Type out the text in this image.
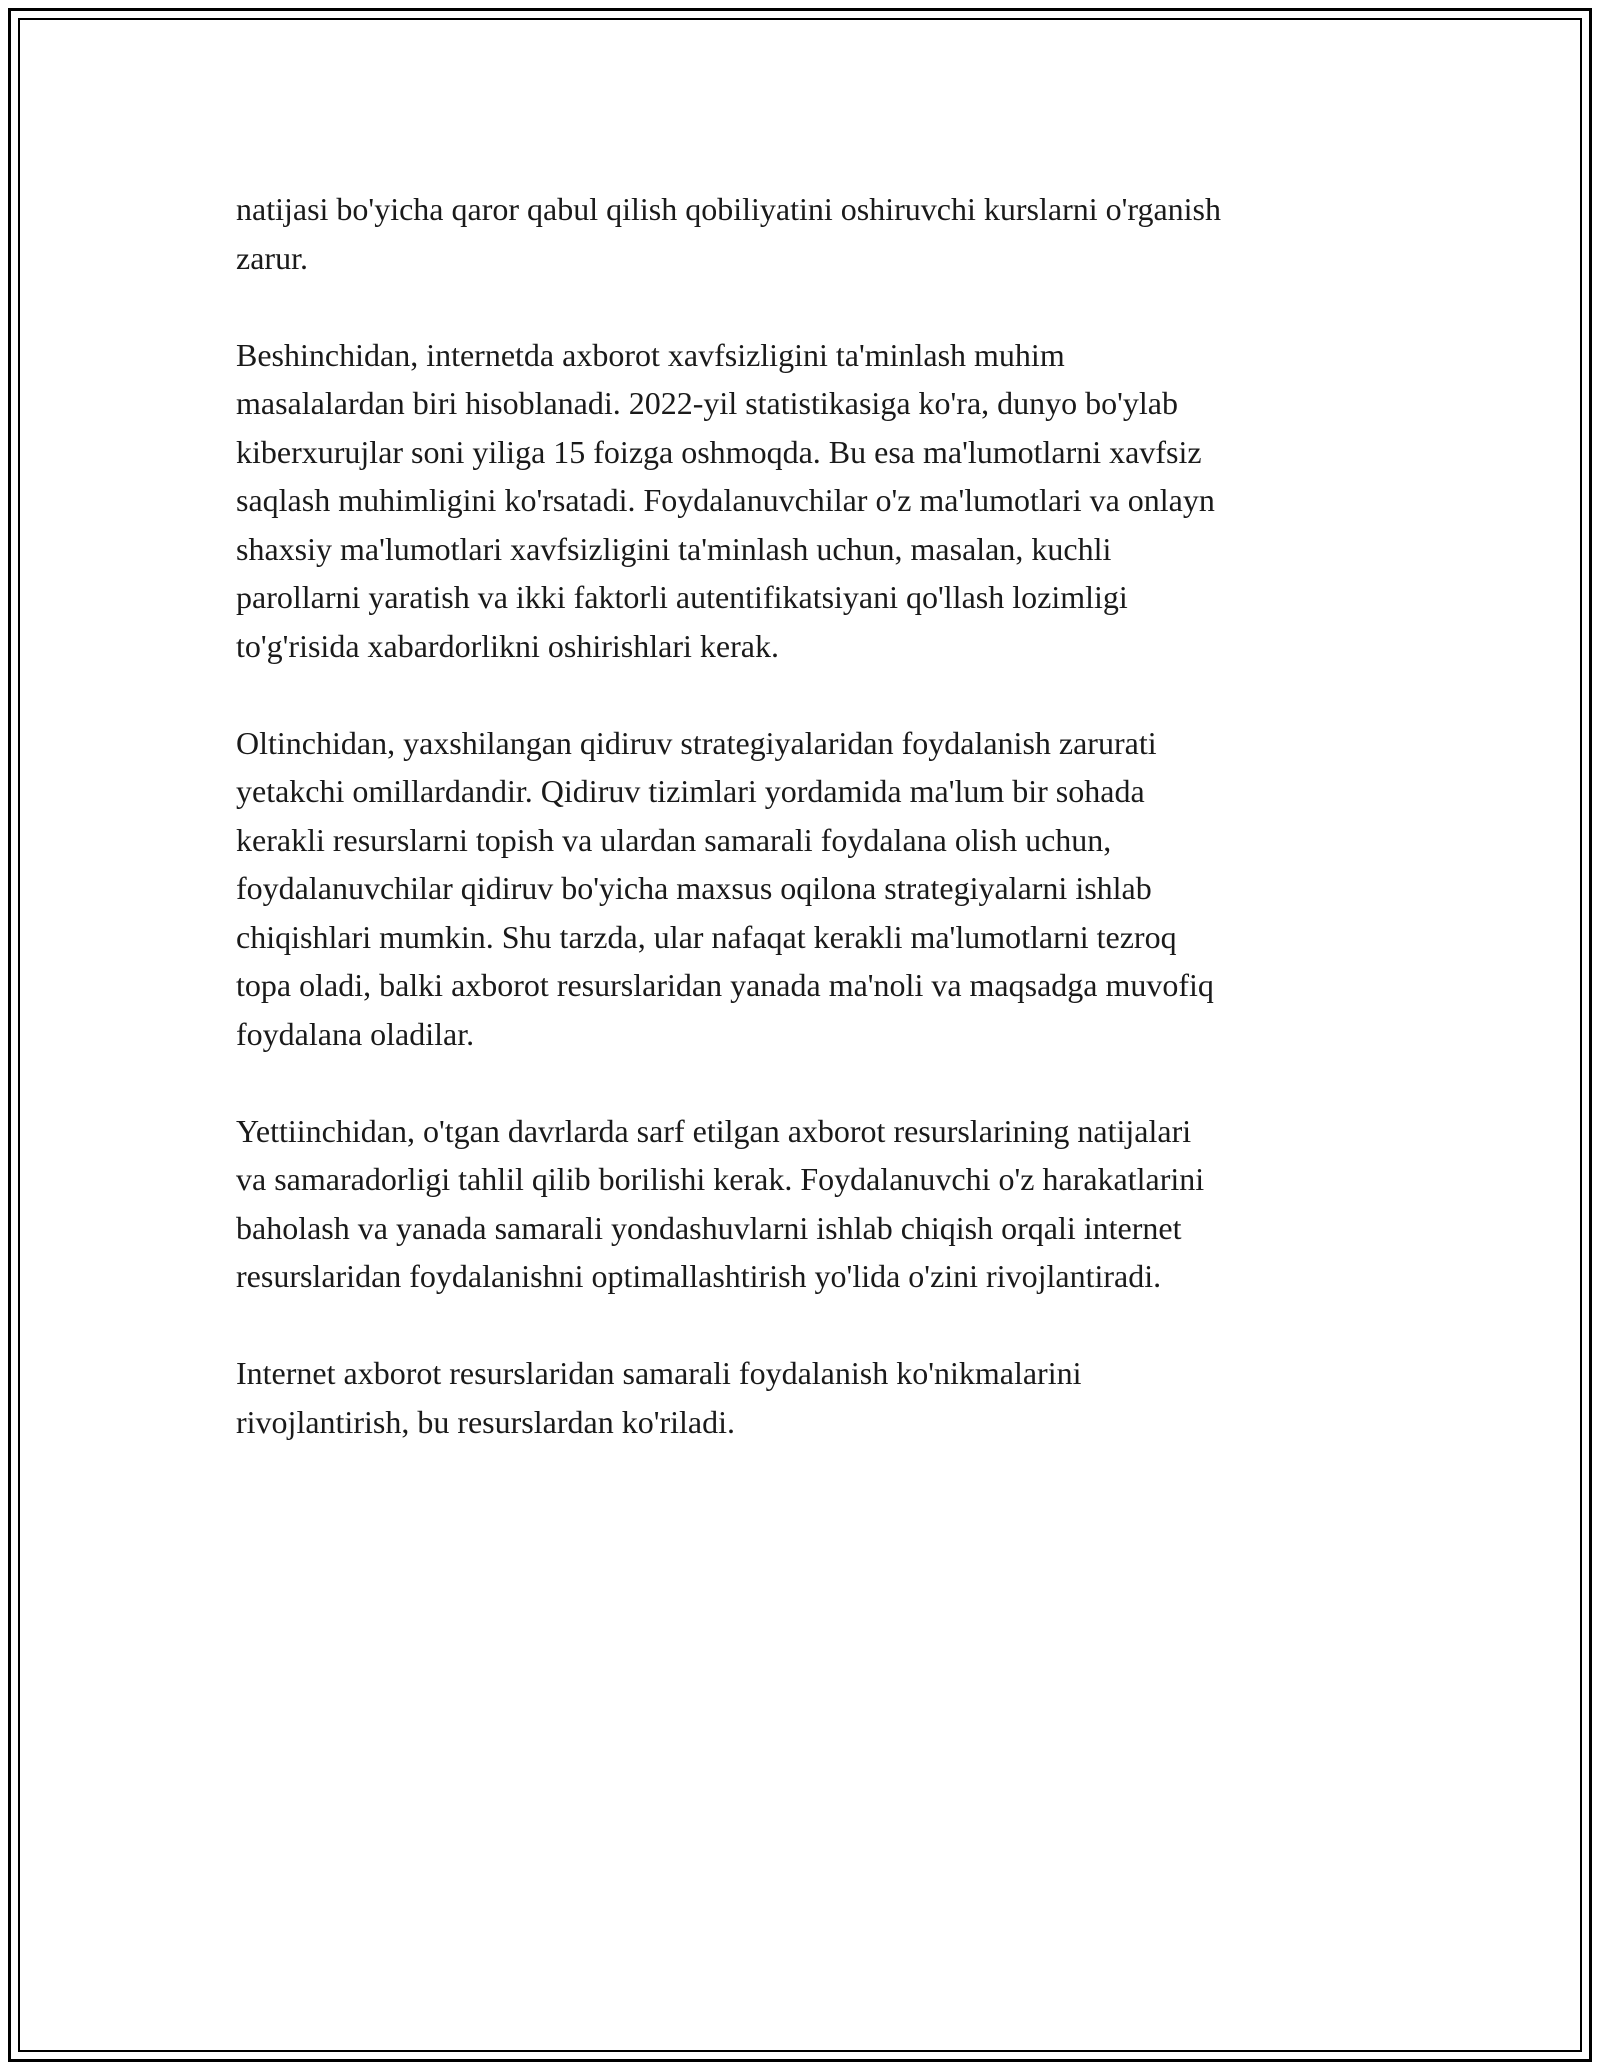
natijasi bo'yicha qaror qabul qilish qobiliyatini oshiruvchi kurslarni o'rganish
zarur.

Beshinchidan, internetda axborot xavfsizligini ta'minlash muhim
masalalardan biri hisoblanadi. 2022-yil statistikasiga ko'ra, dunyo bo'ylab
kiberxurujlar soni yiliga 15 foizga oshmoqda. Bu esa ma'lumotlarni xavfsiz
saqlash muhimligini ko'rsatadi. Foydalanuvchilar o'z ma'lumotlari va onlayn
shaxsiy ma'lumotlari xavfsizligini ta'minlash uchun, masalan, kuchli
parollarni yaratish va ikki faktorli autentifikatsiyani qo'llash lozimligi
to'g'risida xabardorlikni oshirishlari kerak.

Oltinchidan, yaxshilangan qidiruv strategiyalaridan foydalanish zarurati
yetakchi omillardandir. Qidiruv tizimlari yordamida ma'lum bir sohada
kerakli resurslarni topish va ulardan samarali foydalana olish uchun,
foydalanuvchilar qidiruv bo'yicha maxsus oqilona strategiyalarni ishlab
chiqishlari mumkin. Shu tarzda, ular nafaqat kerakli ma'lumotlarni tezroq
topa oladi, balki axborot resurslaridan yanada ma'noli va maqsadga muvofiq
foydalana oladilar.

Yettiinchidan, o'tgan davrlarda sarf etilgan axborot resurslarining natijalari
va samaradorligi tahlil qilib borilishi kerak. Foydalanuvchi o'z harakatlarini
baholash va yanada samarali yondashuvlarni ishlab chiqish orqali internet
resurslaridan foydalanishni optimallashtirish yo'lida o'zini rivojlantiradi.

Internet axborot resurslaridan samarali foydalanish ko'nikmalarini
rivojlantirish, bu resurslardan ko'riladi.
